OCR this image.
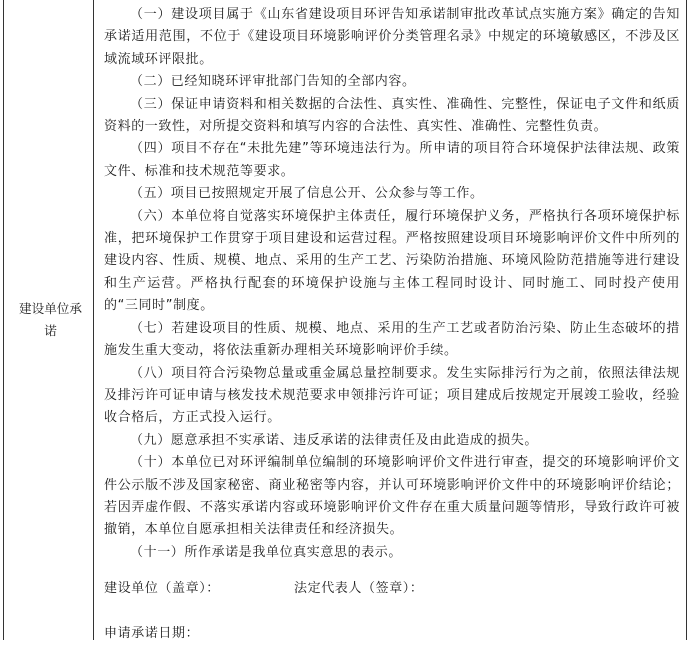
建设单位承诺

（一）建设项目属于《山东省建设项目环评告知承诺制审批改革试点实施方案》确定的告知承诺适用范围，不位于《建设项目环境影响评价分类管理名录》中规定的环境敏感区，不涉及区域流域环评限批。

（二）已经知晓环评审批部门告知的全部内容。

（三）保证申请资料和相关数据的合法性、真实性、准确性、完整性，保证电子文件和纸质资料的一致性，对所提交资料和填写内容的合法性、真实性、准确性、完整性负责。

（四）项目不存在“未批先建”等环境违法行为。所申请的项目符合环境保护法律法规、政策文件、标准和技术规范等要求。

（五）项目已按照规定开展了信息公开、公众参与等工作。

（六）本单位将自觉落实环境保护主体责任，履行环境保护义务，严格执行各项环境保护标准，把环境保护工作贯穿于项目建设和运营过程。严格按照建设项目环境影响评价文件中所列的建设内容、性质、规模、地点、采用的生产工艺、污染防治措施、环境风险防范措施等进行建设和生产运营。严格执行配套的环境保护设施与主体工程同时设计、同时施工、同时投产使用的“三同时”制度。

（七）若建设项目的性质、规模、地点、采用的生产工艺或者防治污染、防止生态破坏的措施发生重大变动，将依法重新办理相关环境影响评价手续。

（八）项目符合污染物总量或重金属总量控制要求。发生实际排污行为之前，依照法律法规及排污许可证申请与核发技术规范要求申领排污许可证；项目建成后按规定开展竣工验收，经验收合格后，方正式投入运行。

（九）愿意承担不实承诺、违反承诺的法律责任及由此造成的损失。

（十）本单位已对环评编制单位编制的环境影响评价文件进行审查，提交的环境影响评价文件公示版不涉及国家秘密、商业秘密等内容，并认可环境影响评价文件中的环境影响评价结论；若因弄虚作假、不落实承诺内容或环境影响评价文件存在重大质量问题等情形，导致行政许可被撤销，本单位自愿承担相关法律责任和经济损失。

（十一）所作承诺是我单位真实意思的表示。

建设单位（盖章）：	法定代表人（签章）：
申请承诺日期：
